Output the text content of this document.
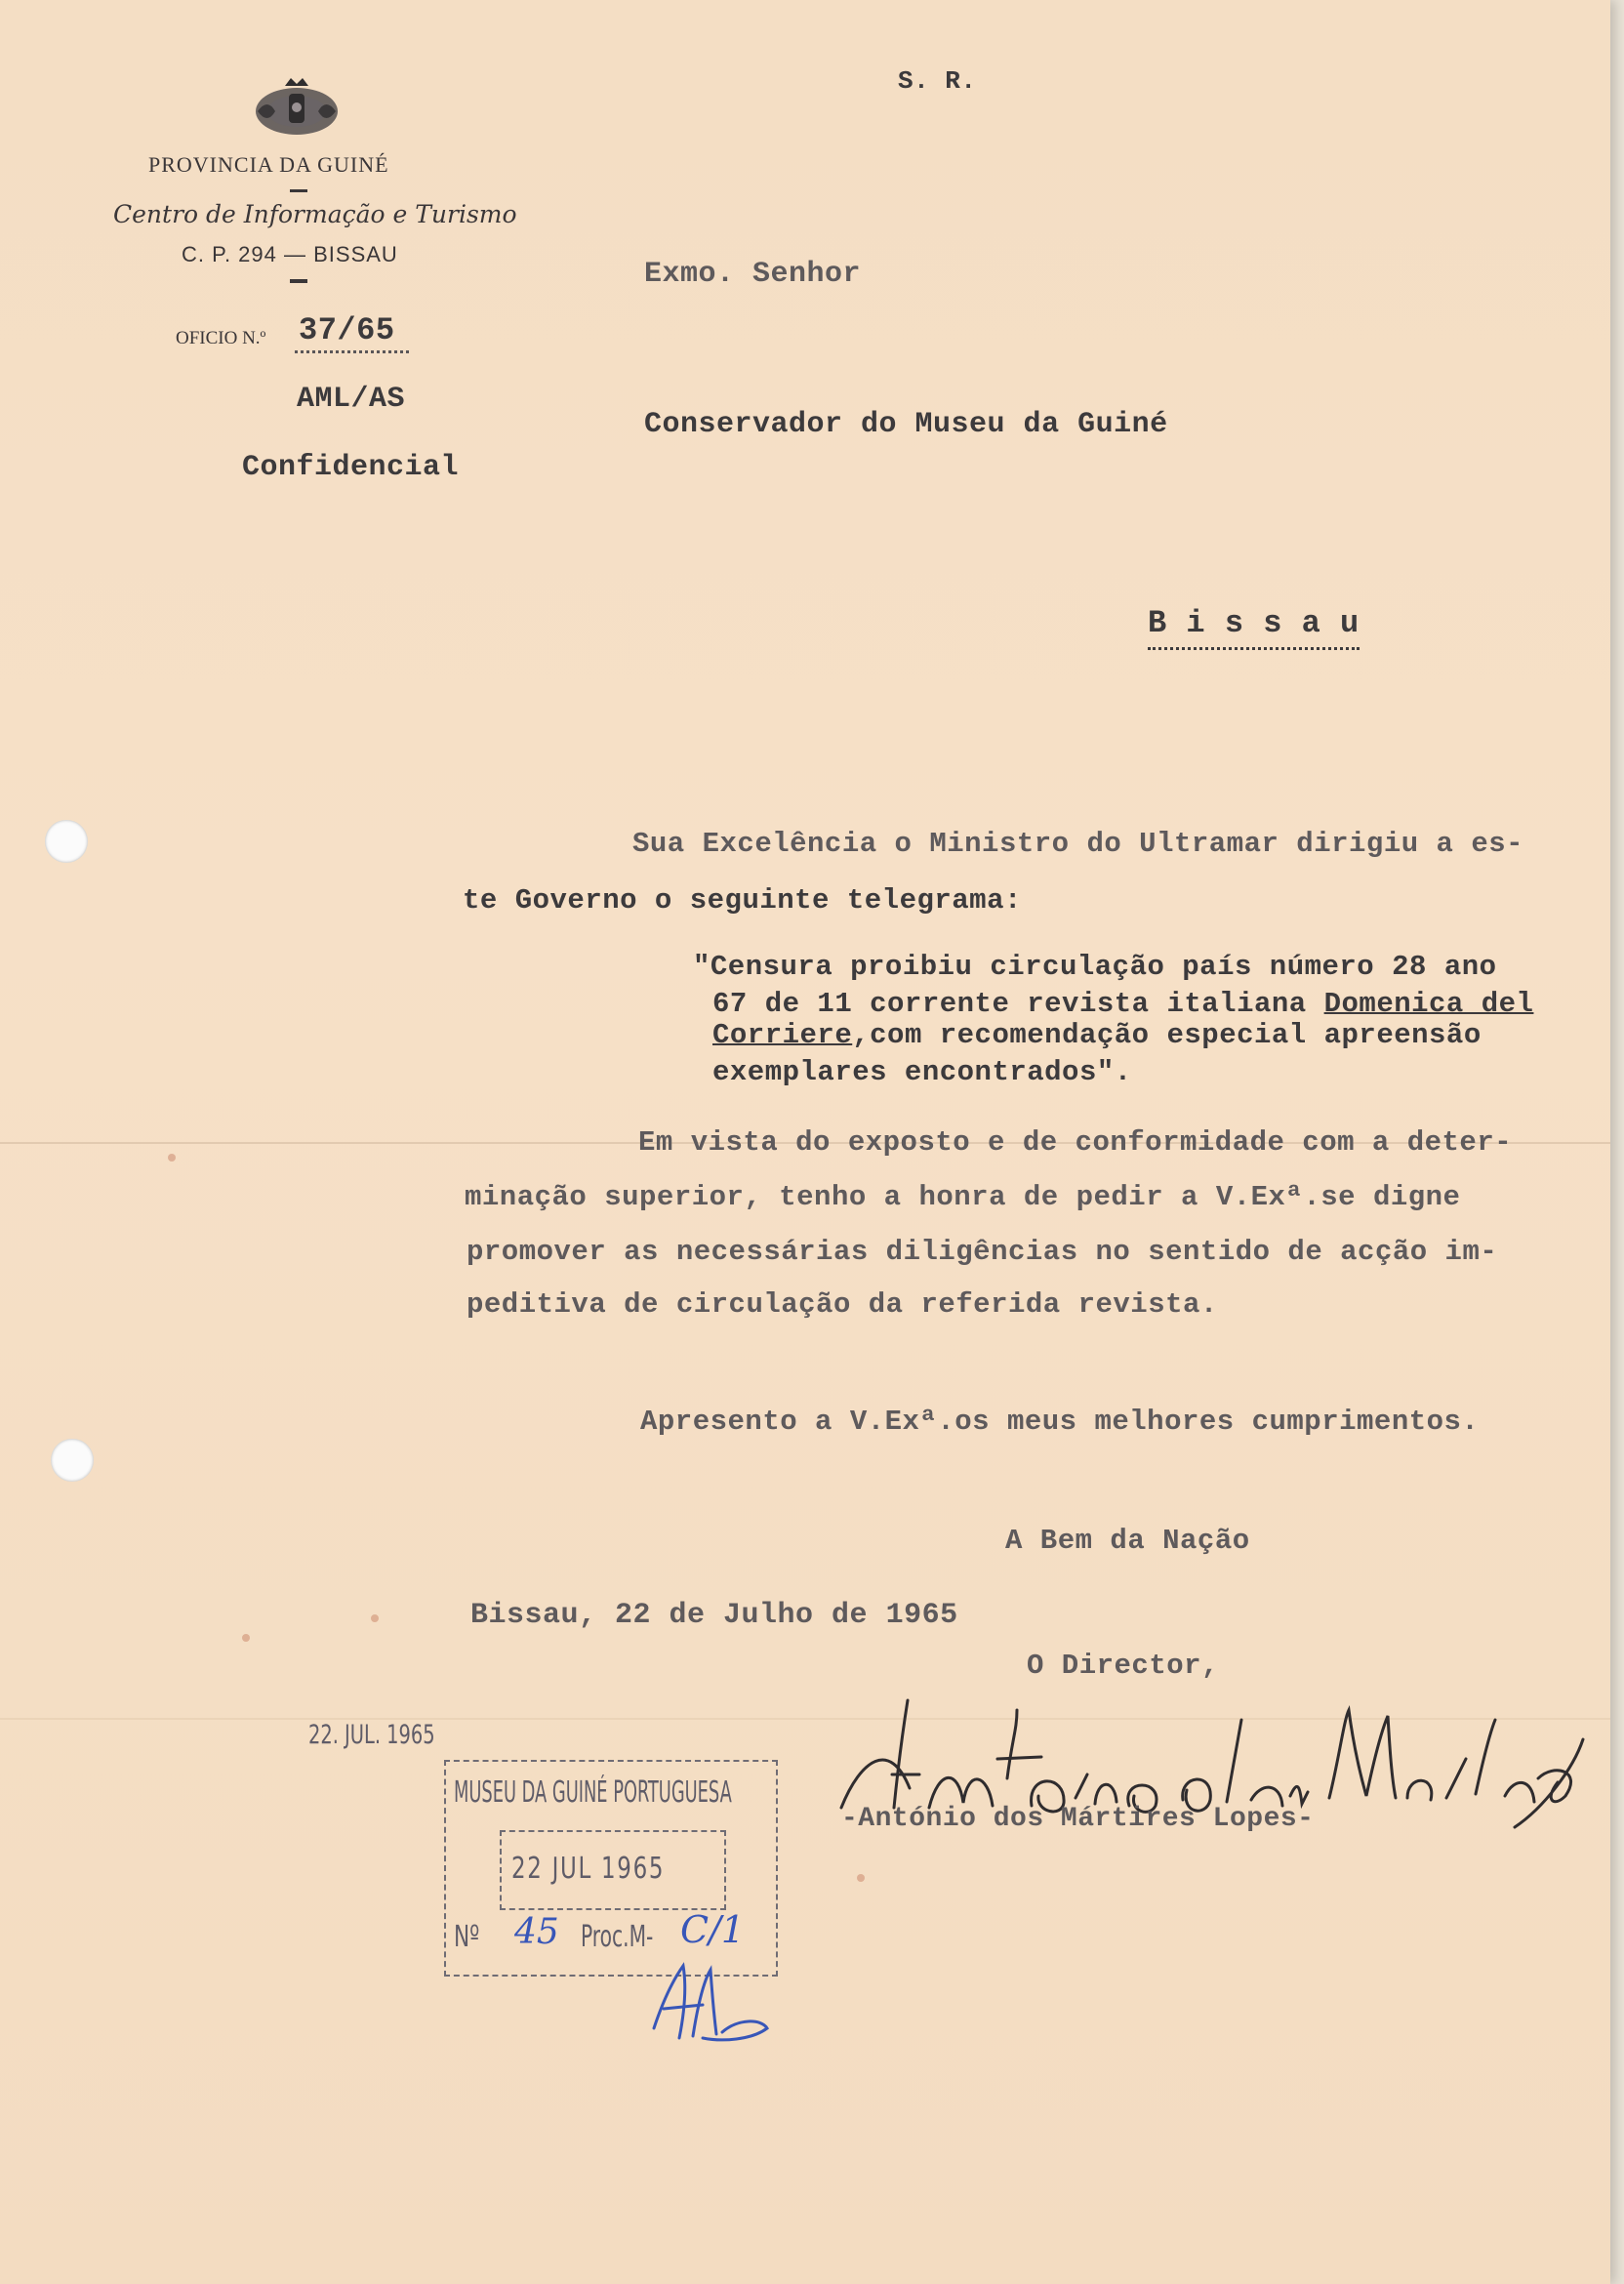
S. R.
PROVINCIA DA GUINÉ
Centro de Informação e Turismo
C. P. 294 — BISSAU
OFICIO N.º 37/65
AML/AS
Confidencial
Exmo. Senhor
Conservador do Museu da Guiné
B i s s a u
Sua Excelência o Ministro do Ultramar dirigiu a es-
te Governo o seguinte telegrama:
"Censura proibiu circulação país número 28 ano
67 de 11 corrente revista italiana Domenica del
Corriere,com recomendação especial apreensão
exemplares encontrados".
Em vista do exposto e de conformidade com a deter-
minação superior, tenho a honra de pedir a V.Exª.se digne
promover as necessárias diligências no sentido de acção im-
peditiva de circulação da referida revista.
Apresento a V.Exª.os meus melhores cumprimentos.
A Bem da Nação
Bissau, 22 de Julho de 1965
O Director,
-António dos Mártires Lopes-
22. JUL. 1965
MUSEU DA GUINÉ PORTUGUESA
22 JUL 1965
Nº 45 Proc.M- C/1
